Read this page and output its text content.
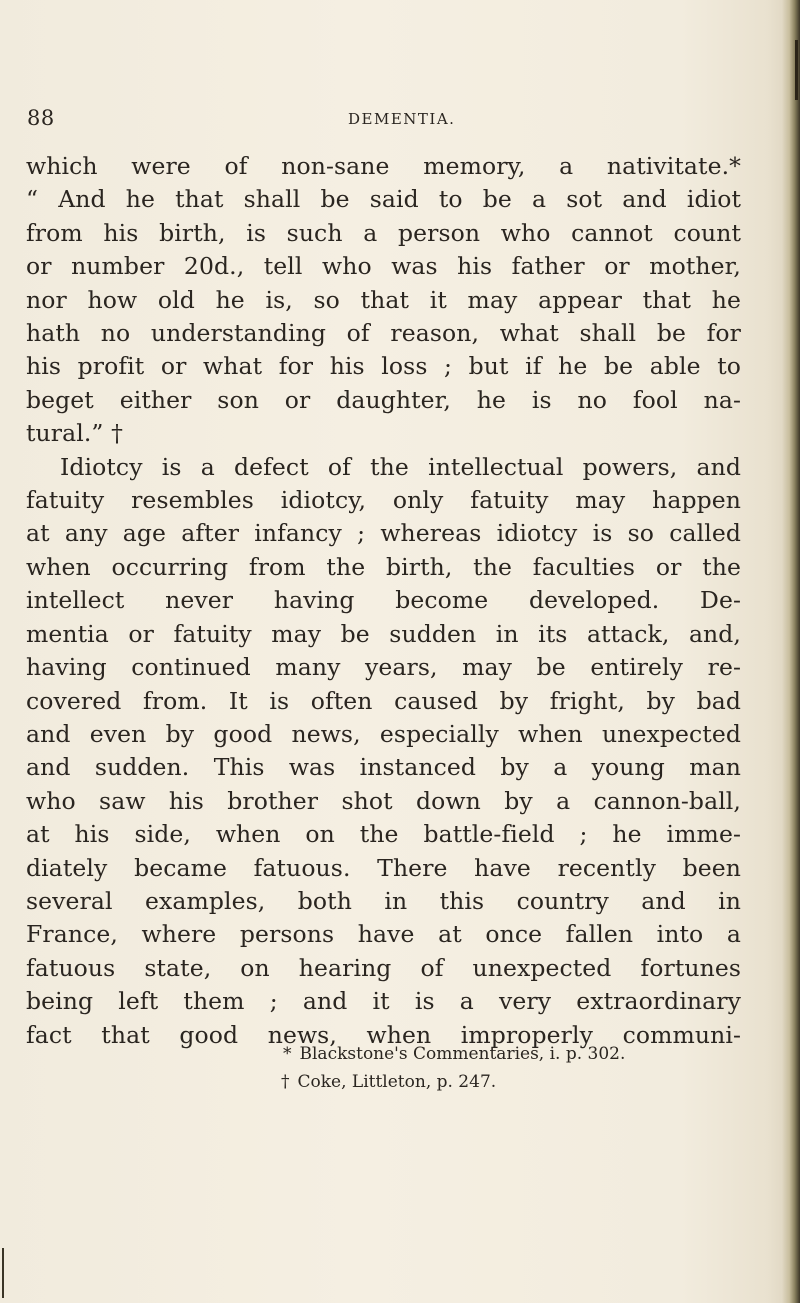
88	DEMENTIA.
which were of non-sane memory, a nativitate.*
“ And he that shall be said to be a sot and idiot
from his birth, is such a person who cannot count
or number 20d., tell who was his father or mother,
nor how old he is, so that it may appear that he
hath no understanding of reason, what shall be for
his profit or what for his loss ; but if he be able to
beget either son or daughter, he is no fool na-
tural.” †
Idiotcy is a defect of the intellectual powers, and
fatuity resembles idiotcy, only fatuity may happen
at any age after infancy ; whereas idiotcy is so called
when occurring from the birth, the faculties or the
intellect never having become developed. De-
mentia or fatuity may be sudden in its attack, and,
having continued many years, may be entirely re-
covered from. It is often caused by fright, by bad
and even by good news, especially when unexpected
and sudden. This was instanced by a young man
who saw his brother shot down by a cannon-ball,
at his side, when on the battle-field ; he imme-
diately became fatuous. There have recently been
several examples, both in this country and in
France, where persons have at once fallen into a
fatuous state, on hearing of unexpected fortunes
being left them ; and it is a very extraordinary
fact that good news, when improperly communi-
* Blackstone's Commentaries, i. p. 302.
† Coke, Littleton, p. 247.
